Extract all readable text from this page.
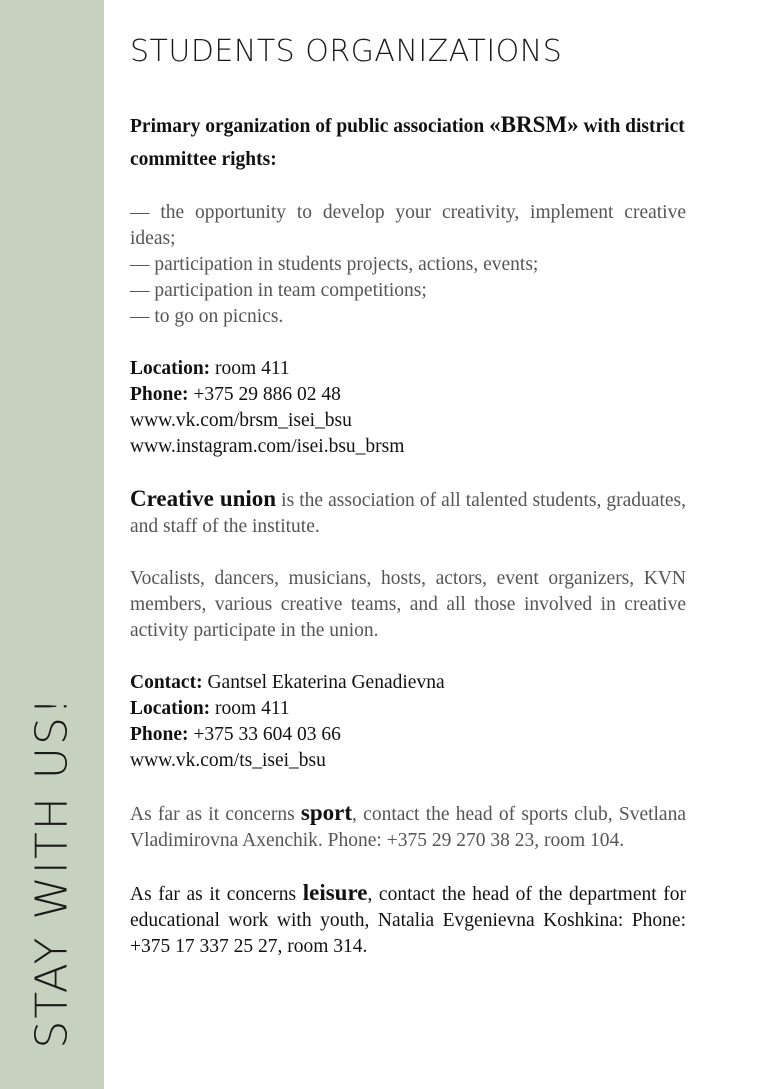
STAY WITH US!
STUDENTS ORGANIZATIONS

Primary organization of public association «BRSM» with district committee rights:

— the opportunity to develop your creativity, implement creative ideas;
— participation in students projects, actions, events;
— participation in team competitions;
— to go on picnics.
Location: room 411
Phone: +375 29 886 02 48
www.vk.com/brsm_isei_bsu
www.instagram.com/isei.bsu_brsm

Creative union is the association of all talented students, graduates, and staff of the institute.

Vocalists, dancers, musicians, hosts, actors, event organizers, KVN members, various creative teams, and all those involved in creative activity participate in the union.

Contact: Gantsel Ekaterina Genadievna
Location: room 411
Phone: +375 33 604 03 66
www.vk.com/ts_isei_bsu

As far as it concerns sport, contact the head of sports club, Svetlana Vladimirovna Axenchik. Phone: +375 29 270 38 23, room 104.

As far as it concerns leisure, contact the head of the department for educational work with youth, Natalia Evgenievna Koshkina: Phone: +375 17 337 25 27, room 314.
